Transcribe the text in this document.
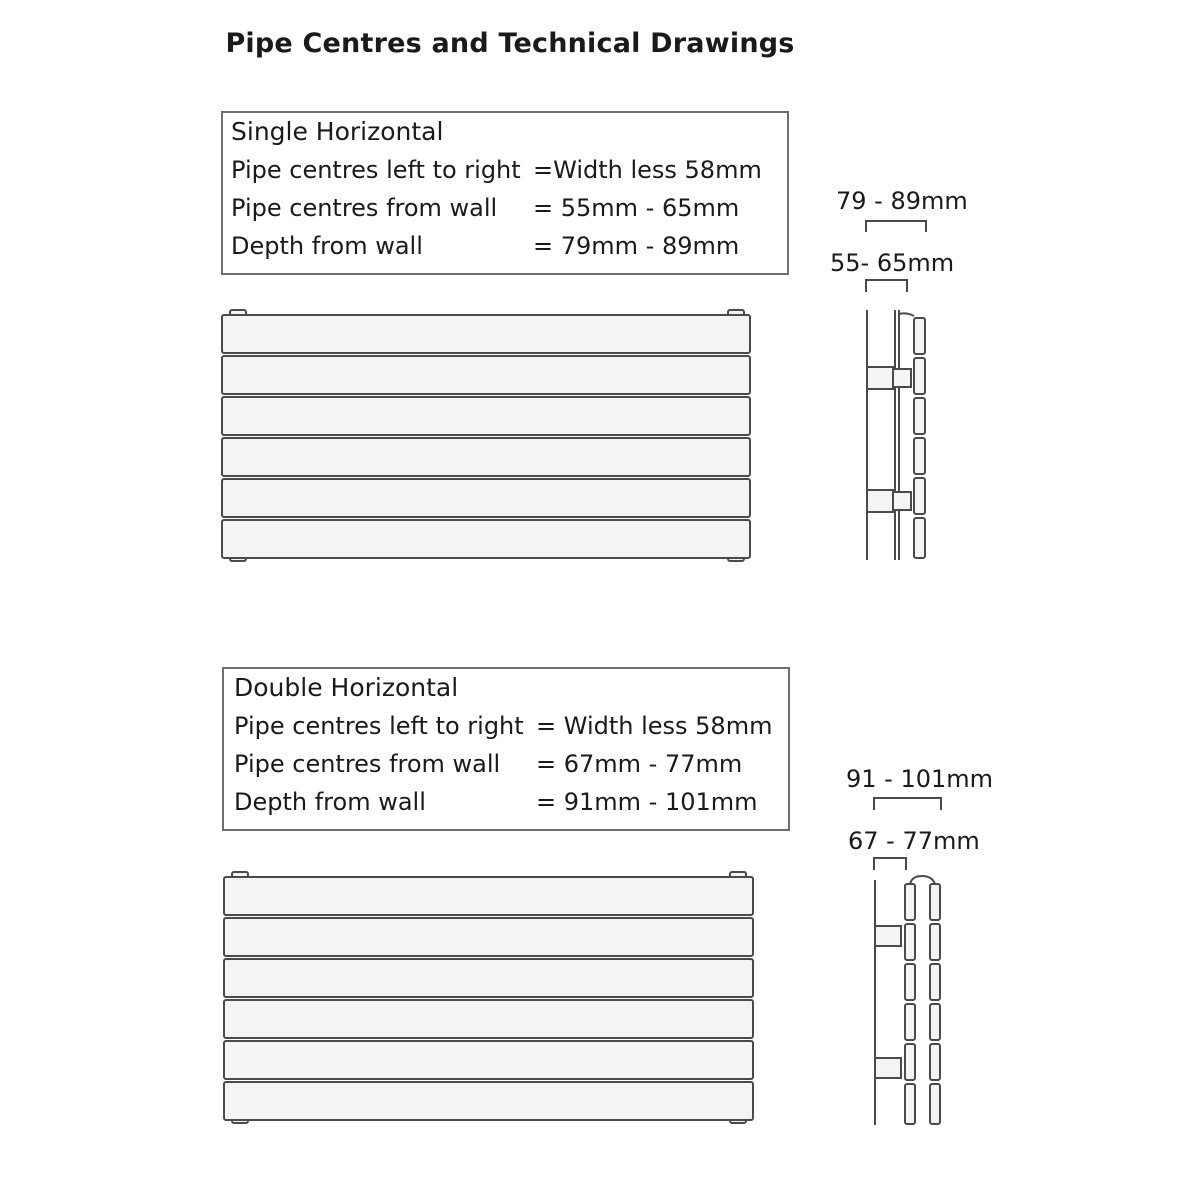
Pipe Centres and Technical Drawings
Single Horizontal
Pipe centres left to right =Width less 58mm
Pipe centres from wall	= 55mm - 65mm
Depth from wall	= 79mm - 89mm
Double Horizontal
Pipe centres left to right = Width less 58mm
Pipe centres from wall	= 67mm - 77mm
Depth from wall	= 91mm - 101mm
79 - 89mm
55- 65mm
91 - 101mm
67 - 77mm
